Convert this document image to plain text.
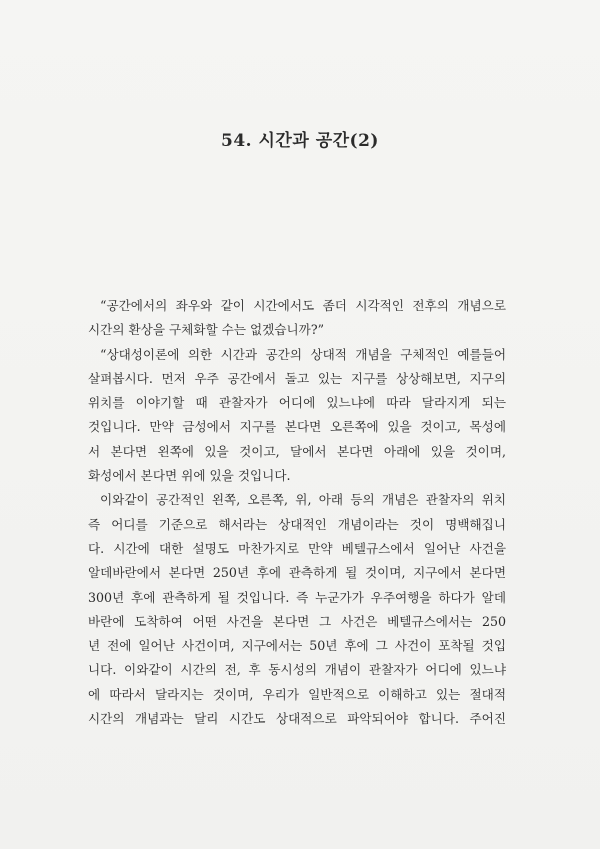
54. 시간과 공간(2)
“공간에서의 좌우와 같이 시간에서도 좀더 시각적인 전후의 개념으로
시간의 환상을 구체화할 수는 없겠습니까?”
“상대성이론에 의한 시간과 공간의 상대적 개념을 구체적인 예를들어
살펴봅시다. 먼저 우주 공간에서 돌고 있는 지구를 상상해보면, 지구의
위치를 이야기할 때 관찰자가 어디에 있느냐에 따라 달라지게 되는
것입니다. 만약 금성에서 지구를 본다면 오른쪽에 있을 것이고, 목성에
서 본다면 왼쪽에 있을 것이고, 달에서 본다면 아래에 있을 것이며,
화성에서 본다면 위에 있을 것입니다.
이와같이 공간적인 왼쪽, 오른쪽, 위, 아래 등의 개념은 관찰자의 위치
즉 어디를 기준으로 해서라는 상대적인 개념이라는 것이 명백해집니
다. 시간에 대한 설명도 마찬가지로 만약 베텔규스에서 일어난 사건을
알데바란에서 본다면 250년 후에 관측하게 될 것이며, 지구에서 본다면
300년 후에 관측하게 될 것입니다. 즉 누군가가 우주여행을 하다가 알데
바란에 도착하여 어떤 사건을 본다면 그 사건은 베텔규스에서는 250
년 전에 일어난 사건이며, 지구에서는 50년 후에 그 사건이 포착될 것입
니다. 이와같이 시간의 전, 후 동시성의 개념이 관찰자가 어디에 있느냐
에 따라서 달라지는 것이며, 우리가 일반적으로 이해하고 있는 절대적
시간의 개념과는 달리 시간도 상대적으로 파악되어야 합니다. 주어진
